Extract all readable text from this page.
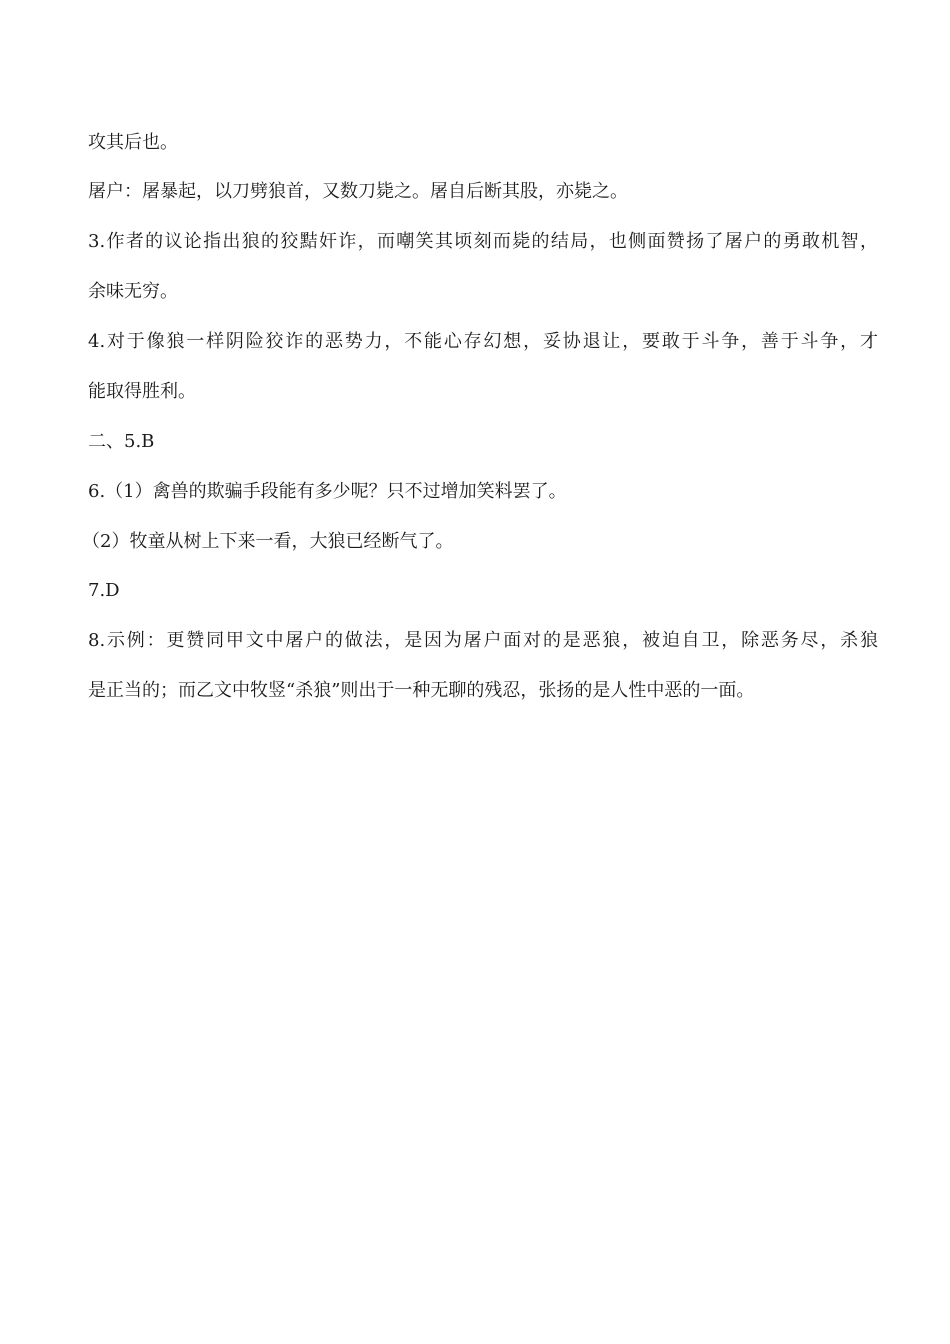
攻其后也。

屠户：屠暴起，以刀劈狼首，又数刀毙之。屠自后断其股，亦毙之。

3.作者的议论指出狼的狡黠奸诈，而嘲笑其顷刻而毙的结局，也侧面赞扬了屠户的勇敢机智，

余味无穷。

4.对于像狼一样阴险狡诈的恶势力，不能心存幻想，妥协退让，要敢于斗争，善于斗争，才

能取得胜利。

二、5.B

6.（1）禽兽的欺骗手段能有多少呢？只不过增加笑料罢了。

（2）牧童从树上下来一看，大狼已经断气了。

7.D

8.示例：更赞同甲文中屠户的做法，是因为屠户面对的是恶狼，被迫自卫，除恶务尽，杀狼

是正当的；而乙文中牧竖“杀狼”则出于一种无聊的残忍，张扬的是人性中恶的一面。
